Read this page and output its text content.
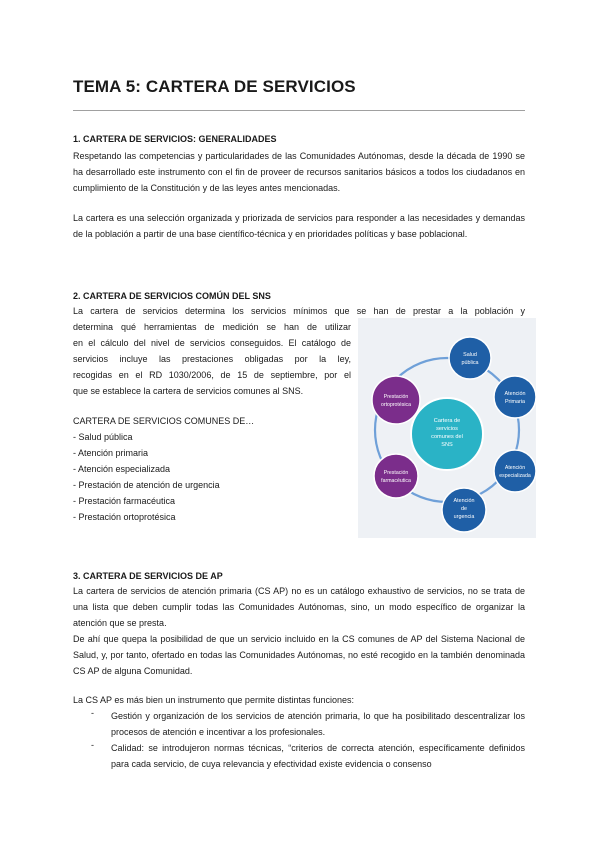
TEMA 5: CARTERA DE SERVICIOS
1. CARTERA DE SERVICIOS: GENERALIDADES

Respetando las competencias y particularidades de las Comunidades Autónomas, desde la década de 1990 se ha desarrollado este instrumento con el fin de proveer de recursos sanitarios básicos a todos los ciudadanos en cumplimiento de la Constitución y de las leyes antes mencionadas.

La cartera es una selección organizada y priorizada de servicios para responder a las necesidades y demandas de la población a partir de una base científico-técnica y en prioridades políticas y base poblacional.

2. CARTERA DE SERVICIOS COMÚN DEL SNS

La cartera de servicios determina los servicios mínimos que se han de prestar a la población y

determina qué herramientas de medición se han de utilizar

en el cálculo del nivel de servicios conseguidos. El catálogo de

servicios incluye las prestaciones obligadas por la ley,

recogidas en el RD 1030/2006, de 15 de septiembre, por el

que se establece la cartera de servicios comunes al SNS.

CARTERA DE SERVICIOS COMUNES DE…

- Salud pública
- Atención primaria
- Atención especializada
- Prestación de atención de urgencia
- Prestación farmacéutica
- Prestación ortoprotésica
Cartera de
servicios
comunes del
SNS
Salud
pública
Atención
Primaria
Atención
especializada
Atención
de
urgencia
Prestación
farmacéutica
Prestación
ortoprotésica
3. CARTERA DE SERVICIOS DE AP

La cartera de servicios de atención primaria (CS AP) no es un catálogo exhaustivo de servicios, no se trata de una lista que deben cumplir todas las Comunidades Autónomas, sino, un modo específico de organizar la atención que se presta.

De ahí que quepa la posibilidad de que un servicio incluido en la CS comunes de AP del Sistema Nacional de Salud, y, por tanto, ofertado en todas las Comunidades Autónomas, no esté recogido en la también denominada CS AP de alguna Comunidad.

La CS AP es más bien un instrumento que permite distintas funciones:

- Gestión y organización de los servicios de atención primaria, lo que ha posibilitado descentralizar los procesos de atención e incentivar a los profesionales.

- Calidad: se introdujeron normas técnicas, “criterios de correcta atención, específicamente definidos para cada servicio, de cuya relevancia y efectividad existe evidencia o consenso
